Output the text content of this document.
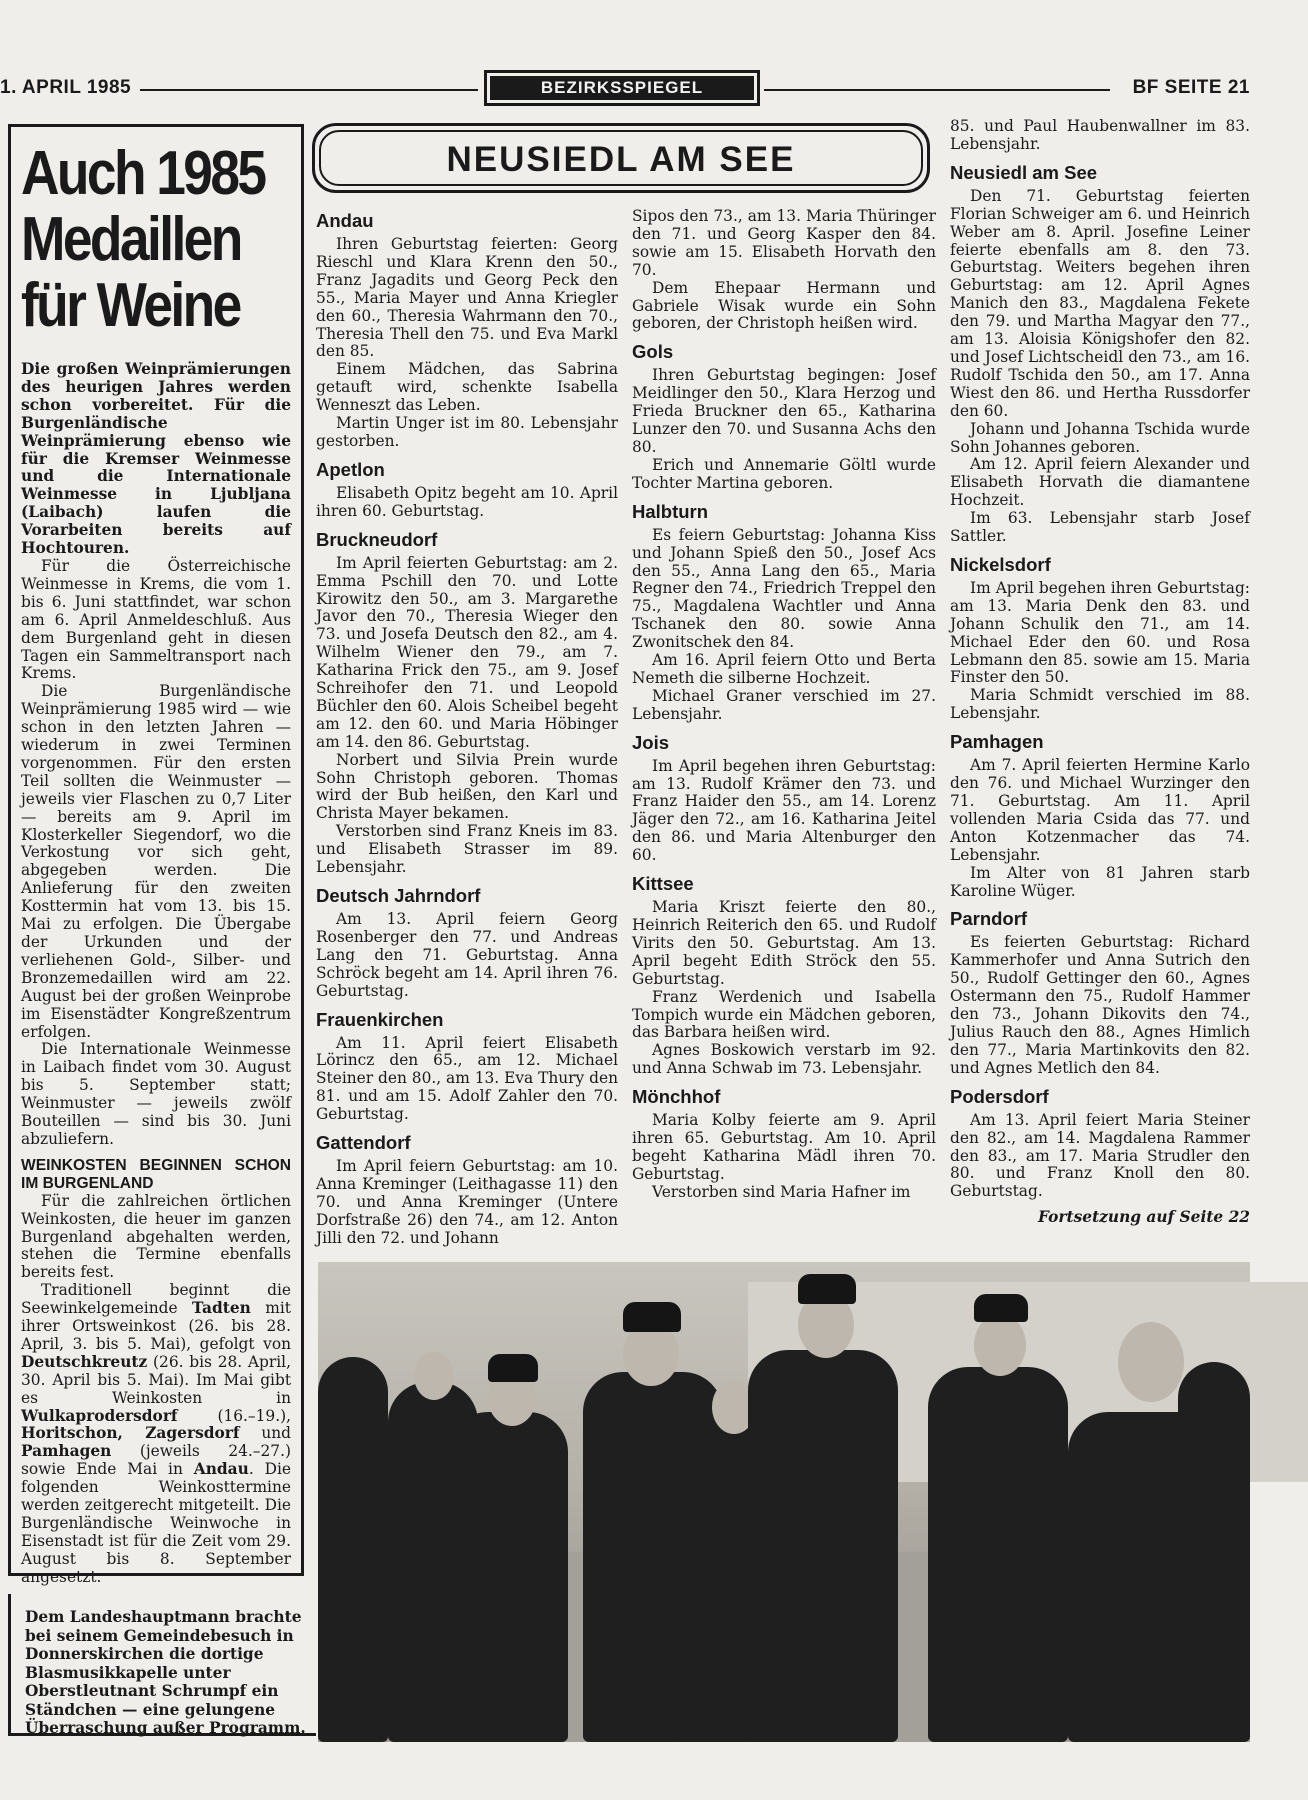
1. APRIL 1985	BEZIRKSSPIEGEL	BF SEITE 21
Auch 1985
Medaillen
für Weine

Die großen Weinprämierungen des heurigen Jahres werden schon vorbereitet. Für die Burgenländische Weinprämierung ebenso wie für die Kremser Weinmesse und die Internationale Weinmesse in Ljubljana (Laibach) laufen die Vorarbeiten bereits auf Hochtouren.

Für die Österreichische Weinmesse in Krems, die vom 1. bis 6. Juni stattfindet, war schon am 6. April Anmeldeschluß. Aus dem Burgenland geht in diesen Tagen ein Sammeltransport nach Krems.

Die Burgenländische Weinprämierung 1985 wird — wie schon in den letzten Jahren — wiederum in zwei Terminen vorgenommen. Für den ersten Teil sollten die Weinmuster — jeweils vier Flaschen zu 0,7 Liter — bereits am 9. April im Klosterkeller Siegendorf, wo die Verkostung vor sich geht, abgegeben werden. Die Anlieferung für den zweiten Kosttermin hat vom 13. bis 15. Mai zu erfolgen. Die Übergabe der Urkunden und der verliehenen Gold-, Silber- und Bronzemedaillen wird am 22. August bei der großen Weinprobe im Eisenstädter Kongreßzentrum erfolgen.

Die Internationale Weinmesse in Laibach findet vom 30. August bis 5. September statt; Weinmuster — jeweils zwölf Bouteillen — sind bis 30. Juni abzuliefern.

WEINKOSTEN BEGINNEN SCHON IM BURGENLAND

Für die zahlreichen örtlichen Weinkosten, die heuer im ganzen Burgenland abgehalten werden, stehen die Termine ebenfalls bereits fest.

Traditionell beginnt die Seewinkelgemeinde Tadten mit ihrer Ortsweinkost (26. bis 28. April, 3. bis 5. Mai), gefolgt von Deutschkreutz (26. bis 28. April, 30. April bis 5. Mai). Im Mai gibt es Weinkosten in Wulkaprodersdorf (16.–19.), Horitschon, Zagersdorf und Pamhagen (jeweils 24.–27.) sowie Ende Mai in Andau. Die folgenden Weinkosttermine werden zeitgerecht mitgeteilt. Die Burgenländische Weinwoche in Eisenstadt ist für die Zeit vom 29. August bis 8. September angesetzt.

Dem Landeshauptmann brachte bei seinem Gemeindebesuch in Donnerskirchen die dortige Blasmusikkapelle unter Oberstleutnant Schrumpf ein Ständchen — eine gelungene Überraschung außer Programm.
NEUSIEDL AM SEE
Andau

Ihren Geburtstag feierten: Georg Rieschl und Klara Krenn den 50., Franz Jagadits und Georg Peck den 55., Maria Mayer und Anna Kriegler den 60., Theresia Wahrmann den 70., Theresia Thell den 75. und Eva Markl den 85.

Einem Mädchen, das Sabrina getauft wird, schenkte Isabella Wenneszt das Leben.

Martin Unger ist im 80. Lebensjahr gestorben.

Apetlon

Elisabeth Opitz begeht am 10. April ihren 60. Geburtstag.

Bruckneudorf

Im April feierten Geburtstag: am 2. Emma Pschill den 70. und Lotte Kirowitz den 50., am 3. Margarethe Javor den 70., Theresia Wieger den 73. und Josefa Deutsch den 82., am 4. Wilhelm Wiener den 79., am 7. Katharina Frick den 75., am 9. Josef Schreihofer den 71. und Leopold Büchler den 60. Alois Scheibel begeht am 12. den 60. und Maria Höbinger am 14. den 86. Geburtstag.

Norbert und Silvia Prein wurde Sohn Christoph geboren. Thomas wird der Bub heißen, den Karl und Christa Mayer bekamen.

Verstorben sind Franz Kneis im 83. und Elisabeth Strasser im 89. Lebensjahr.

Deutsch Jahrndorf

Am 13. April feiern Georg Rosenberger den 77. und Andreas Lang den 71. Geburtstag. Anna Schröck begeht am 14. April ihren 76. Geburtstag.

Frauenkirchen

Am 11. April feiert Elisabeth Lörincz den 65., am 12. Michael Steiner den 80., am 13. Eva Thury den 81. und am 15. Adolf Zahler den 70. Geburtstag.

Gattendorf

Im April feiern Geburtstag: am 10. Anna Kreminger (Leithagasse 11) den 70. und Anna Kreminger (Untere Dorfstraße 26) den 74., am 12. Anton Jilli den 72. und Johann

Sipos den 73., am 13. Maria Thüringer den 71. und Georg Kasper den 84. sowie am 15. Elisabeth Horvath den 70.

Dem Ehepaar Hermann und Gabriele Wisak wurde ein Sohn geboren, der Christoph heißen wird.

Gols

Ihren Geburtstag begingen: Josef Meidlinger den 50., Klara Herzog und Frieda Bruckner den 65., Katharina Lunzer den 70. und Susanna Achs den 80.

Erich und Annemarie Göltl wurde Tochter Martina geboren.

Halbturn

Es feiern Geburtstag: Johanna Kiss und Johann Spieß den 50., Josef Acs den 55., Anna Lang den 65., Maria Regner den 74., Friedrich Treppel den 75., Magdalena Wachtler und Anna Tschanek den 80. sowie Anna Zwonitschek den 84.

Am 16. April feiern Otto und Berta Nemeth die silberne Hochzeit.

Michael Graner verschied im 27. Lebensjahr.

Jois

Im April begehen ihren Geburtstag: am 13. Rudolf Krämer den 73. und Franz Haider den 55., am 14. Lorenz Jäger den 72., am 16. Katharina Jeitel den 86. und Maria Altenburger den 60.

Kittsee

Maria Kriszt feierte den 80., Heinrich Reiterich den 65. und Rudolf Virits den 50. Geburtstag. Am 13. April begeht Edith Ströck den 55. Geburtstag.

Franz Werdenich und Isabella Tompich wurde ein Mädchen geboren, das Barbara heißen wird.

Agnes Boskowich verstarb im 92. und Anna Schwab im 73. Lebensjahr.

Mönchhof

Maria Kolby feierte am 9. April ihren 65. Geburtstag. Am 10. April begeht Katharina Mädl ihren 70. Geburtstag.

Verstorben sind Maria Hafner im

85. und Paul Haubenwallner im 83. Lebensjahr.

Neusiedl am See

Den 71. Geburtstag feierten Florian Schweiger am 6. und Heinrich Weber am 8. April. Josefine Leiner feierte ebenfalls am 8. den 73. Geburtstag. Weiters begehen ihren Geburtstag: am 12. April Agnes Manich den 83., Magdalena Fekete den 79. und Martha Magyar den 77., am 13. Aloisia Königshofer den 82. und Josef Lichtscheidl den 73., am 16. Rudolf Tschida den 50., am 17. Anna Wiest den 86. und Hertha Russdorfer den 60.

Johann und Johanna Tschida wurde Sohn Johannes geboren.

Am 12. April feiern Alexander und Elisabeth Horvath die diamantene Hochzeit.

Im 63. Lebensjahr starb Josef Sattler.

Nickelsdorf

Im April begehen ihren Geburtstag: am 13. Maria Denk den 83. und Johann Schulik den 71., am 14. Michael Eder den 60. und Rosa Lebmann den 85. sowie am 15. Maria Finster den 50.

Maria Schmidt verschied im 88. Lebensjahr.

Pamhagen

Am 7. April feierten Hermine Karlo den 76. und Michael Wurzinger den 71. Geburtstag. Am 11. April vollenden Maria Csida das 77. und Anton Kotzenmacher das 74. Lebensjahr.

Im Alter von 81 Jahren starb Karoline Wüger.

Parndorf

Es feierten Geburtstag: Richard Kammerhofer und Anna Sutrich den 50., Rudolf Gettinger den 60., Agnes Ostermann den 75., Rudolf Hammer den 73., Johann Dikovits den 74., Julius Rauch den 88., Agnes Himlich den 77., Maria Martinkovits den 82. und Agnes Metlich den 84.

Podersdorf

Am 13. April feiert Maria Steiner den 82., am 14. Magdalena Rammer den 83., am 17. Maria Strudler den 80. und Franz Knoll den 80. Geburtstag.

Fortsetzung auf Seite 22
